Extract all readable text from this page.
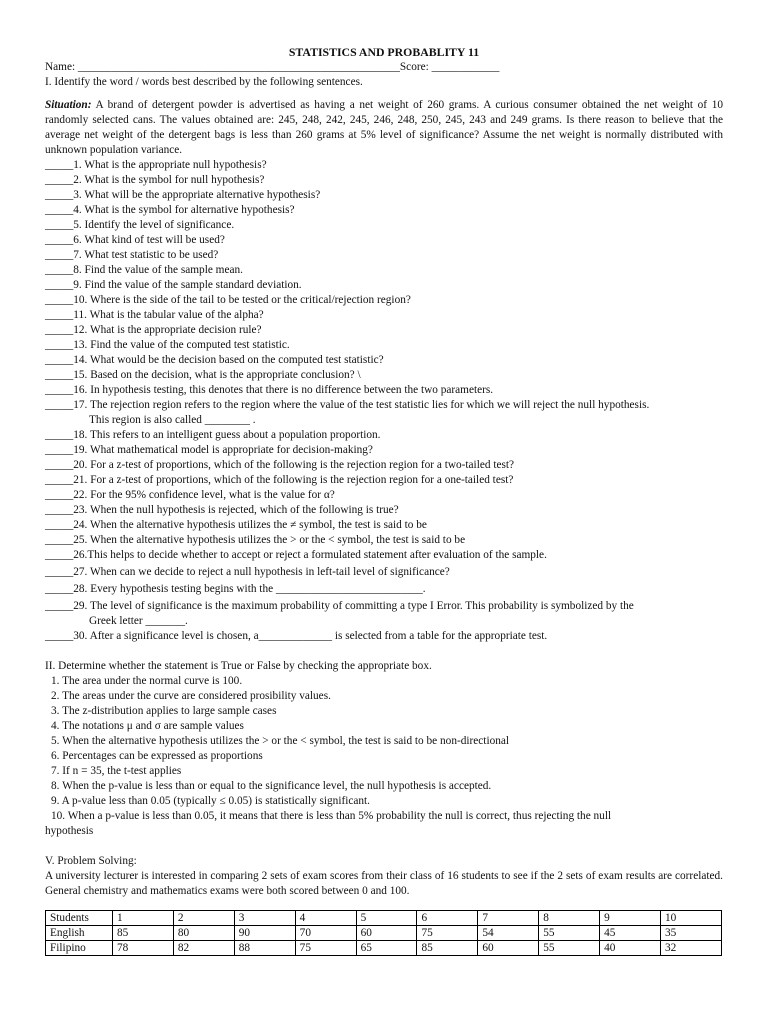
STATISTICS AND PROBABLITY 11
Name: _________________________________________________________Score: ____________
I. Identify the word / words best described by the following sentences.
Situation: A brand of detergent powder is advertised as having a net weight of 260 grams. A curious consumer obtained the net weight of 10 randomly selected cans. The values obtained are: 245, 248, 242, 245, 246, 248, 250, 245, 243 and 249 grams. Is there reason to believe that the average net weight of the detergent bags is less than 260 grams at 5% level of significance? Assume the net weight is normally distributed with unknown population variance.
_____1. What is the appropriate null hypothesis?
_____2. What is the symbol for null hypothesis?
_____3. What will be the appropriate alternative hypothesis?
_____4. What is the symbol for alternative hypothesis?
_____5. Identify the level of significance.
_____6. What kind of test will be used?
_____7. What test statistic to be used?
_____8. Find the value of the sample mean.
_____9. Find the value of the sample standard deviation.
_____10. Where is the side of the tail to be tested or the critical/rejection region?
_____11. What is the tabular value of the alpha?
_____12. What is the appropriate decision rule?
_____13. Find the value of the computed test statistic.
_____14. What would be the decision based on the computed test statistic?
_____15. Based on the decision, what is the appropriate conclusion? \
_____16. In hypothesis testing, this denotes that there is no difference between the two parameters.
_____17. The rejection region refers to the region where the value of the test statistic lies for which we will reject the null hypothesis.
This region is also called ________ .
_____18. This refers to an intelligent guess about a population proportion.
_____19. What mathematical model is appropriate for decision-making?
_____20. For a z-test of proportions, which of the following is the rejection region for a two-tailed test?
_____21. For a z-test of proportions, which of the following is the rejection region for a one-tailed test?
_____22. For the 95% confidence level, what is the value for α?
_____23. When the null hypothesis is rejected, which of the following is true?
_____24. When the alternative hypothesis utilizes the ≠ symbol, the test is said to be
_____25. When the alternative hypothesis utilizes the > or the < symbol, the test is said to be
_____26.This helps to decide whether to accept or reject a formulated statement after evaluation of the sample.
_____27. When can we decide to reject a null hypothesis in left-tail level of significance?
_____28. Every hypothesis testing begins with the __________________________.
_____29. The level of significance is the maximum probability of committing a type I Error. This probability is symbolized by the
Greek letter _______.
_____30. After a significance level is chosen, a_____________ is selected from a table for the appropriate test.
II. Determine whether the statement is True or False by checking the appropriate box.
1. The area under the normal curve is 100.
2. The areas under the curve are considered prosibility values.
3. The z-distribution applies to large sample cases
4. The notations μ and σ are sample values
5. When the alternative hypothesis utilizes the > or the < symbol, the test is said to be non-directional
6. Percentages can be expressed as proportions
7. If n = 35, the t-test applies
8. When the p-value is less than or equal to the significance level, the null hypothesis is accepted.
9. A p-value less than 0.05 (typically ≤ 0.05) is statistically significant.
10. When a p-value is less than 0.05, it means that there is less than 5% probability the null is correct, thus rejecting the null
hypothesis
V. Problem Solving:
A university lecturer is interested in comparing 2 sets of exam scores from their class of 16 students to see if the 2 sets of exam results are correlated. General chemistry and mathematics exams were both scored between 0 and 100.
Students	1	2	3	4	5	6	7	8	9	10
English	85	80	90	70	60	75	54	55	45	35
Filipino	78	82	88	75	65	85	60	55	40	32
